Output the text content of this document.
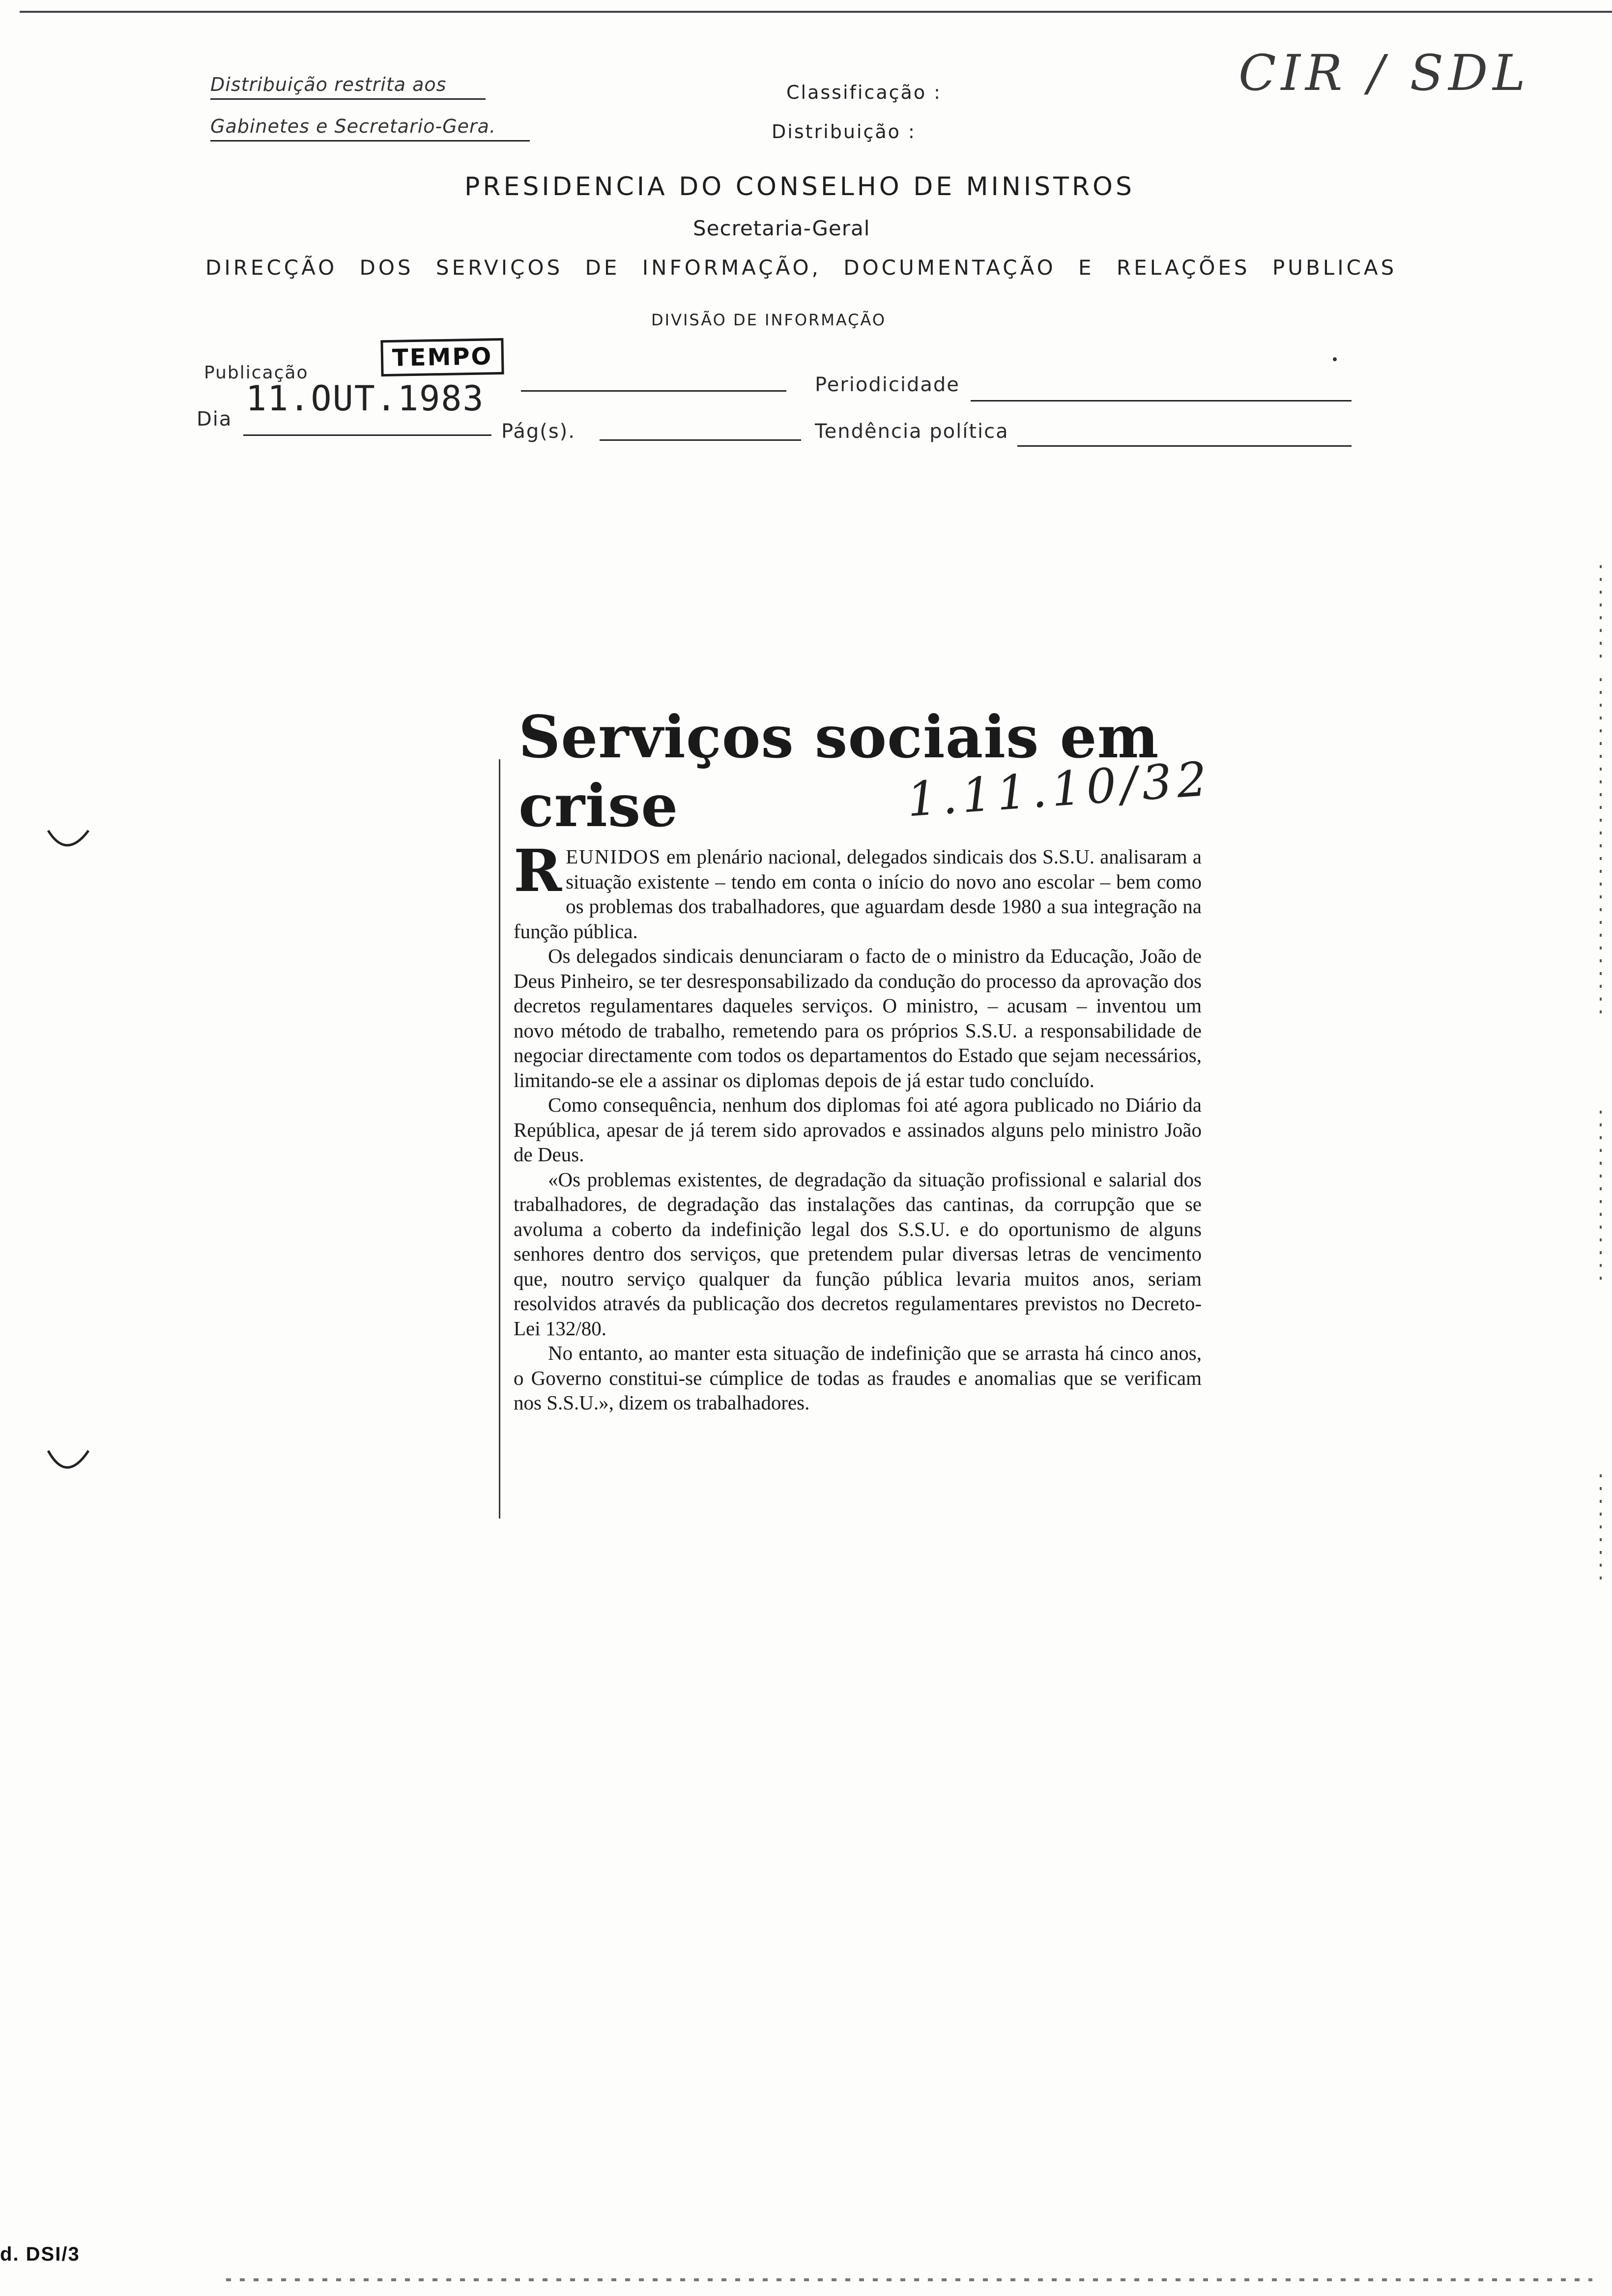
Distribuição restrita aos
Gabinetes e Secretario-Gera.
Classificação :
Distribuição :
CIR / SDL
PRESIDENCIA DO CONSELHO DE MINISTROS
Secretaria-Geral
DIRECÇÃO DOS SERVIÇOS DE INFORMAÇÃO, DOCUMENTAÇÃO E RELAÇÕES PUBLICAS
DIVISÃO DE INFORMAÇÃO
Publicação
TEMPO
Periodicidade
Dia
11.OUT.1983
Pág(s).	Tendência política
Serviços sociais em crise	1.11.10/32
R EUNIDOS em plenário nacional, delegados sindicais dos S.S.U. analisaram a situação existente – tendo em conta o início do novo ano escolar – bem como os problemas dos trabalhadores, que aguardam desde 1980 a sua integração na função pública.

Os delegados sindicais denunciaram o facto de o ministro da Educação, João de Deus Pinheiro, se ter desresponsabilizado da condução do processo da aprovação dos decretos regulamentares daqueles serviços. O ministro, – acusam – inventou um novo método de trabalho, remetendo para os próprios S.S.U. a responsabilidade de negociar directamente com todos os departamentos do Estado que sejam necessários, limitando-se ele a assinar os diplomas depois de já estar tudo concluído.

Como consequência, nenhum dos diplomas foi até agora publicado no Diário da República, apesar de já terem sido aprovados e assinados alguns pelo ministro João de Deus.

«Os problemas existentes, de degradação da situação profissional e salarial dos trabalhadores, de degradação das instalações das cantinas, da corrupção que se avoluma a coberto da indefinição legal dos S.S.U. e do oportunismo de alguns senhores dentro dos serviços, que pretendem pular diversas letras de vencimento que, noutro serviço qualquer da função pública levaria muitos anos, seriam resolvidos através da publicação dos decretos regulamentares previstos no Decreto-Lei 132/80.

No entanto, ao manter esta situação de indefinição que se arrasta há cinco anos, o Governo constitui-se cúmplice de todas as fraudes e anomalias que se verificam nos S.S.U.», dizem os trabalhadores.

d. DSI/3
